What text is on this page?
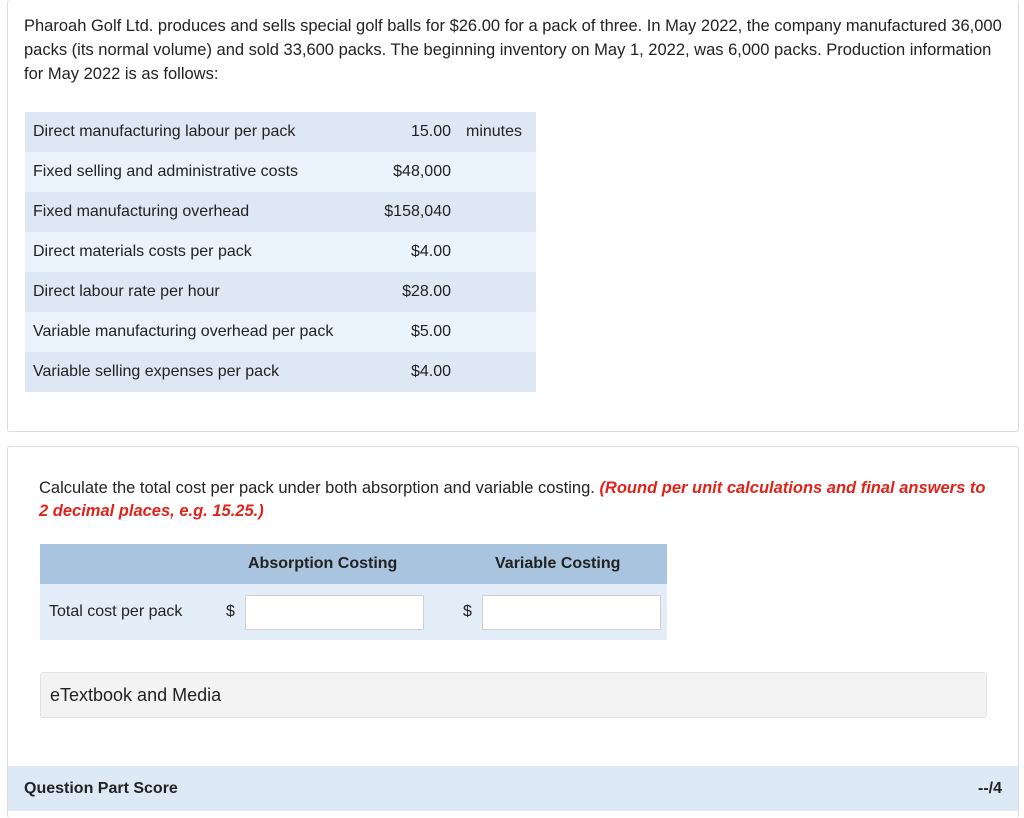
Pharoah Golf Ltd. produces and sells special golf balls for $26.00 for a pack of three. In May 2022, the company manufactured 36,000 packs (its normal volume) and sold 33,600 packs. The beginning inventory on May 1, 2022, was 6,000 packs. Production information for May 2022 is as follows:

Direct manufacturing labour per pack	15.00	minutes
Fixed selling and administrative costs	$48,000	
Fixed manufacturing overhead	$158,040	
Direct materials costs per pack	$4.00	
Direct labour rate per hour	$28.00	
Variable manufacturing overhead per pack	$5.00	
Variable selling expenses per pack	$4.00	

Calculate the total cost per pack under both absorption and variable costing. (Round per unit calculations and final answers to 2 decimal places, e.g. 15.25.)

Absorption Costing	Variable Costing
Total cost per pack	$	$
eTextbook and Media
Question Part Score	--/4
